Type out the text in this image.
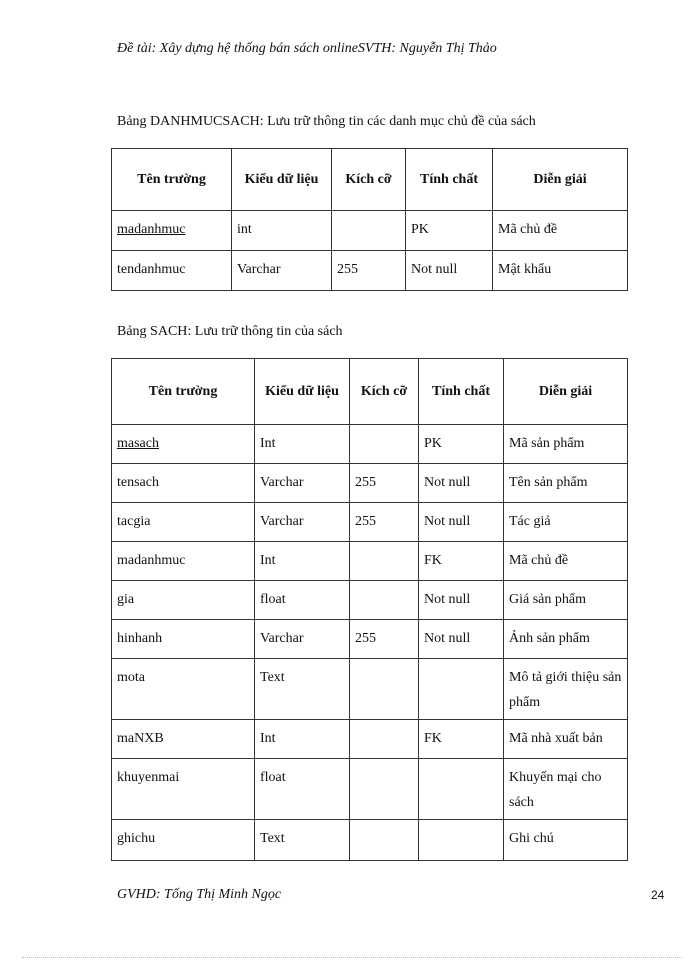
Đề tài: Xây dựng hệ thống bán sách onlineSVTH: Nguyễn Thị Thảo
Bảng DANHMUCSACH: Lưu trữ thông tin các danh mục chủ đề của sách
Tên trường	Kiểu dữ liệu	Kích cỡ	Tính chất	Diễn giải
madanhmuc	int		PK	Mã chủ đề
tendanhmuc	Varchar	255	Not null	Mật khẩu
Bảng SACH: Lưu trữ thông tin của sách
Tên trường	Kiểu dữ liệu	Kích cỡ	Tính chất	Diễn giải
masach	Int		PK	Mã sản phẩm
tensach	Varchar	255	Not null	Tên sản phẩm
tacgia	Varchar	255	Not null	Tác giả
madanhmuc	Int		FK	Mã chủ đề
gia	float		Not null	Giá sản phẩm
hinhanh	Varchar	255	Not null	Ảnh sản phẩm
mota	Text			Mô tả giới thiệu sản phẩm
maNXB	Int		FK	Mã nhà xuất bản
khuyenmai	float			Khuyến mại cho sách
ghichu	Text			Ghi chú
GVHD: Tống Thị Minh Ngọc	24
